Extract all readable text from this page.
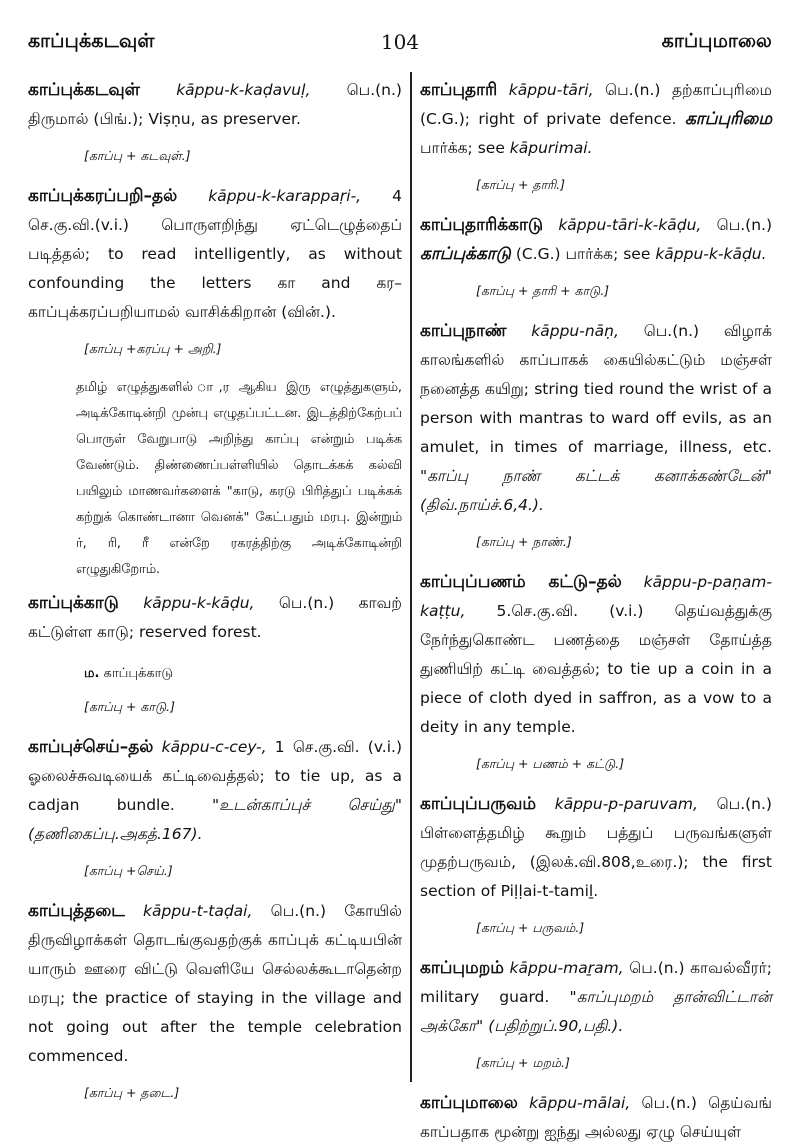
காப்புக்கடவுள்	104	காப்புமாலை
காப்புக்கடவுள் kāppu-k-kaḍavuḷ, பெ.(n.) திருமால் (பிங்.); Viṣṇu, as preserver.
[காப்பு + கடவுள்.]
காப்புக்கரப்பறி–தல் kāppu-k-karappaṛi-, 4 செ.கு.வி.(v.i.) பொருளறிந்து ஏட்டெழுத்தைப் படித்தல்; to read intelligently, as without confounding the letters கா and கர–காப்புக்கரப்பறியாமல் வாசிக்கிறான் (வின்.).
[காப்பு +கரப்பு + அறி.]
தமிழ் எழுத்துகளில் ா,ர ஆகிய இரு எழுத்துகளும், அடிக்கோடின்றி முன்பு எழுதப்பட்டன. இடத்திற்கேற்பப் பொருள் வேறுபாடு அறிந்து காப்பு என்றும் படிக்க வேண்டும். திண்ணைப்பள்ளியில் தொடக்கக் கல்வி பயிலும் மாணவர்களைக் "காடு, கரடு பிரித்துப் படிக்கக் கற்றுக் கொண்டானா வெனக்" கேட்பதும் மரபு. இன்றும் ர், ரி, ரீ என்றே ரகரத்திற்கு அடிக்கோடின்றி எழுதுகிறோம்.
காப்புக்காடு kāppu-k-kāḍu, பெ.(n.) காவற் கட்டுள்ள காடு; reserved forest.
ம. காப்புக்காடு
[காப்பு + காடு.]
காப்புச்செய்–தல் kāppu-c-cey-, 1 செ.கு.வி. (v.i.) ஓலைச்சுவடியைக் கட்டிவைத்தல்; to tie up, as a cadjan bundle. "உடன்காப்புச் செய்து" (தணிகைப்பு.அகத்.167).
[காப்பு +செய்.]
காப்புத்தடை kāppu-t-taḍai, பெ.(n.) கோயில் திருவிழாக்கள் தொடங்குவதற்குக் காப்புக் கட்டியபின் யாரும் ஊரை விட்டு வெளியே செல்லக்கூடாதென்ற மரபு; the practice of staying in the village and not going out after the temple celebration commenced.
[காப்பு + தடை.]
காப்புதாரி kāppu-tāri, பெ.(n.) தற்காப்புரிமை (C.G.); right of private defence. காப்புரிமை பார்க்க; see kāpurimai.
[காப்பு + தாரி.]
காப்புதாரிக்காடு kāppu-tāri-k-kāḍu, பெ.(n.) காப்புக்காடு (C.G.) பார்க்க; see kāppu-k-kāḍu.
[காப்பு + தாரி + காடு.]
காப்புநாண் kāppu-nāṇ, பெ.(n.) விழாக் காலங்களில் காப்பாகக் கையில்கட்டும் மஞ்சள் நனைத்த கயிறு; string tied round the wrist of a person with mantras to ward off evils, as an amulet, in times of marriage, illness, etc. "காப்பு நாண் கட்டக் கனாக்கண்டேன்" (திவ்.நாய்ச்.6,4.).
[காப்பு + நாண்.]
காப்புப்பணம் கட்டு–தல் kāppu-p-paṇam-kaṭṭu, 5.செ.கு.வி. (v.i.) தெய்வத்துக்கு நேர்ந்துகொண்ட பணத்தை மஞ்சள் தோய்த்த துணியிற் கட்டி வைத்தல்; to tie up a coin in a piece of cloth dyed in saffron, as a vow to a deity in any temple.
[காப்பு + பணம் + கட்டு.]
காப்புப்பருவம் kāppu-p-paruvam, பெ.(n.) பிள்ளைத்தமிழ் கூறும் பத்துப் பருவங்களுள் முதற்பருவம், (இலக்.வி.808,உரை.); the first section of Piḷḷai-t-tamiḻ.
[காப்பு + பருவம்.]
காப்புமறம் kāppu-maṟam, பெ.(n.) காவல்வீரர்; military guard. "காப்புமறம் தான்விட்டான் அக்கோ" (பதிற்றுப்.90,பதி.).
[காப்பு + மறம்.]
காப்புமாலை kāppu-mālai, பெ.(n.) தெய்வங் காப்பதாக மூன்று ஐந்து அல்லது ஏழு செய்யுள்
